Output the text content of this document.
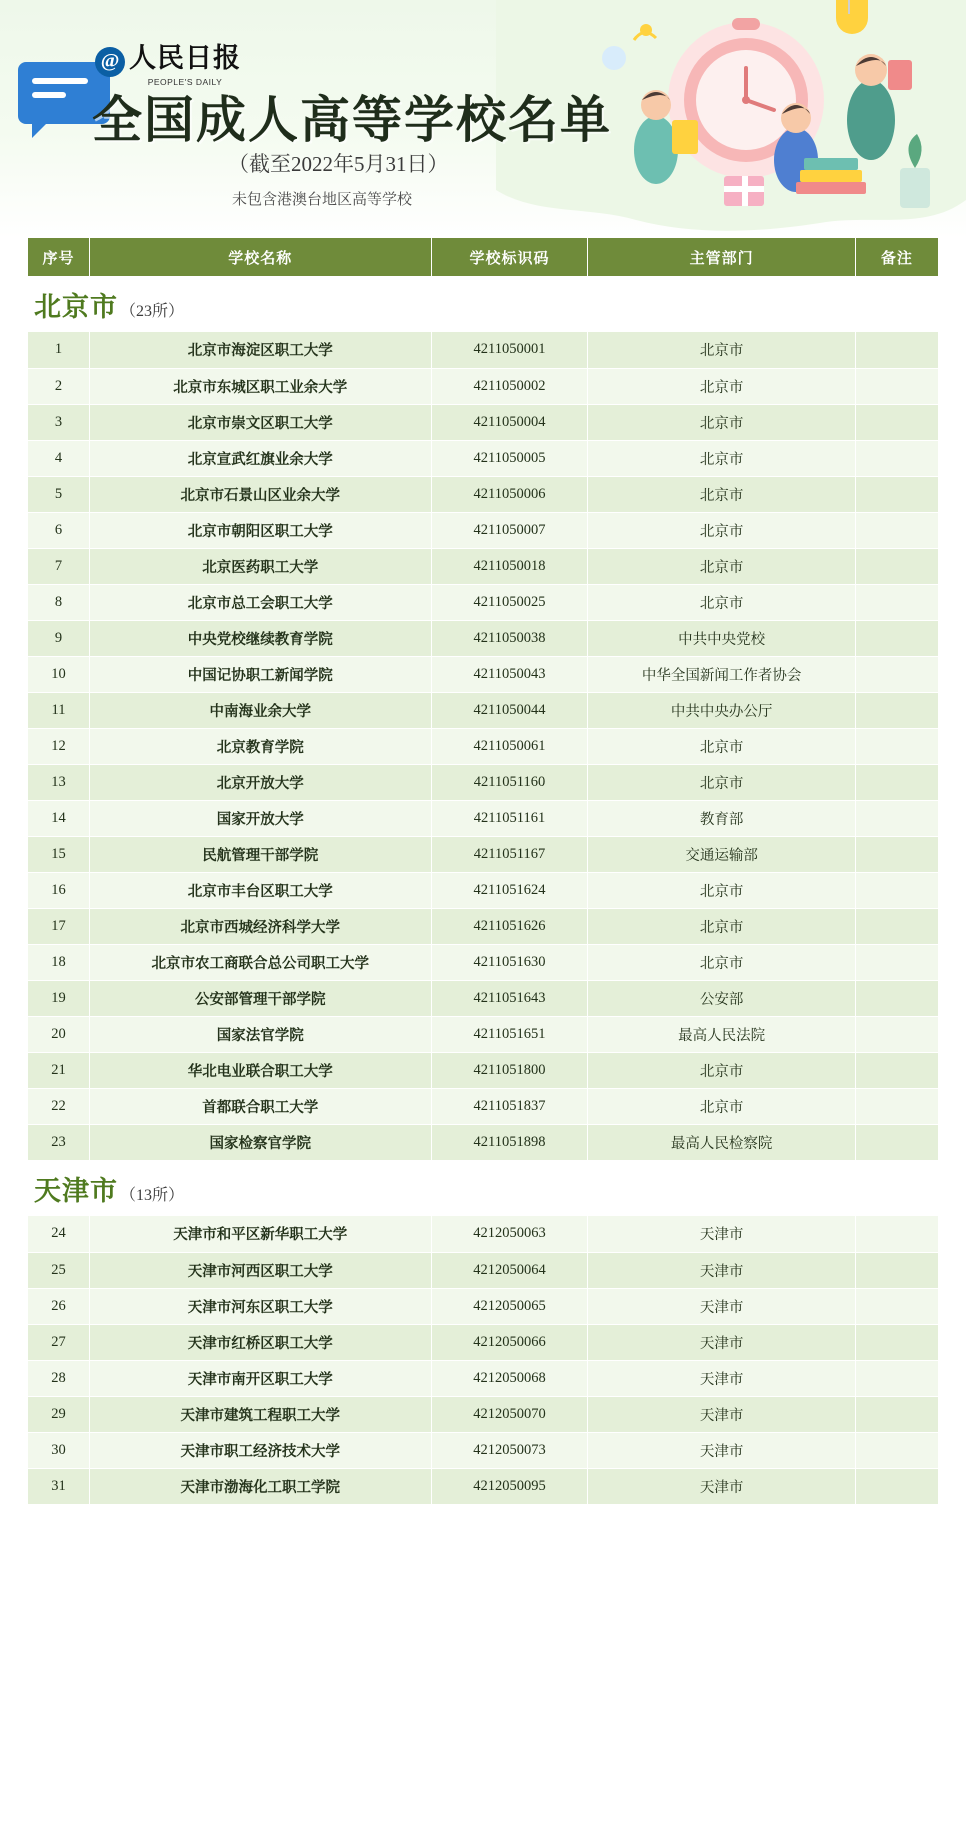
@ 人民日报
PEOPLE'S DAILY
全国成人高等学校名单
（截至2022年5月31日）
未包含港澳台地区高等学校
序号	学校名称	学校标识码	主管部门	备注
北京市 （23所）				
1	北京市海淀区职工大学	4211050001	北京市	
2	北京市东城区职工业余大学	4211050002	北京市	
3	北京市崇文区职工大学	4211050004	北京市	
4	北京宣武红旗业余大学	4211050005	北京市	
5	北京市石景山区业余大学	4211050006	北京市	
6	北京市朝阳区职工大学	4211050007	北京市	
7	北京医药职工大学	4211050018	北京市	
8	北京市总工会职工大学	4211050025	北京市	
9	中央党校继续教育学院	4211050038	中共中央党校	
10	中国记协职工新闻学院	4211050043	中华全国新闻工作者协会	
11	中南海业余大学	4211050044	中共中央办公厅	
12	北京教育学院	4211050061	北京市	
13	北京开放大学	4211051160	北京市	
14	国家开放大学	4211051161	教育部	
15	民航管理干部学院	4211051167	交通运输部	
16	北京市丰台区职工大学	4211051624	北京市	
17	北京市西城经济科学大学	4211051626	北京市	
18	北京市农工商联合总公司职工大学	4211051630	北京市	
19	公安部管理干部学院	4211051643	公安部	
20	国家法官学院	4211051651	最高人民法院	
21	华北电业联合职工大学	4211051800	北京市	
22	首都联合职工大学	4211051837	北京市	
23	国家检察官学院	4211051898	最高人民检察院	
天津市 （13所）				
24	天津市和平区新华职工大学	4212050063	天津市	
25	天津市河西区职工大学	4212050064	天津市	
26	天津市河东区职工大学	4212050065	天津市	
27	天津市红桥区职工大学	4212050066	天津市	
28	天津市南开区职工大学	4212050068	天津市	
29	天津市建筑工程职工大学	4212050070	天津市	
30	天津市职工经济技术大学	4212050073	天津市	
31	天津市渤海化工职工学院	4212050095	天津市	
